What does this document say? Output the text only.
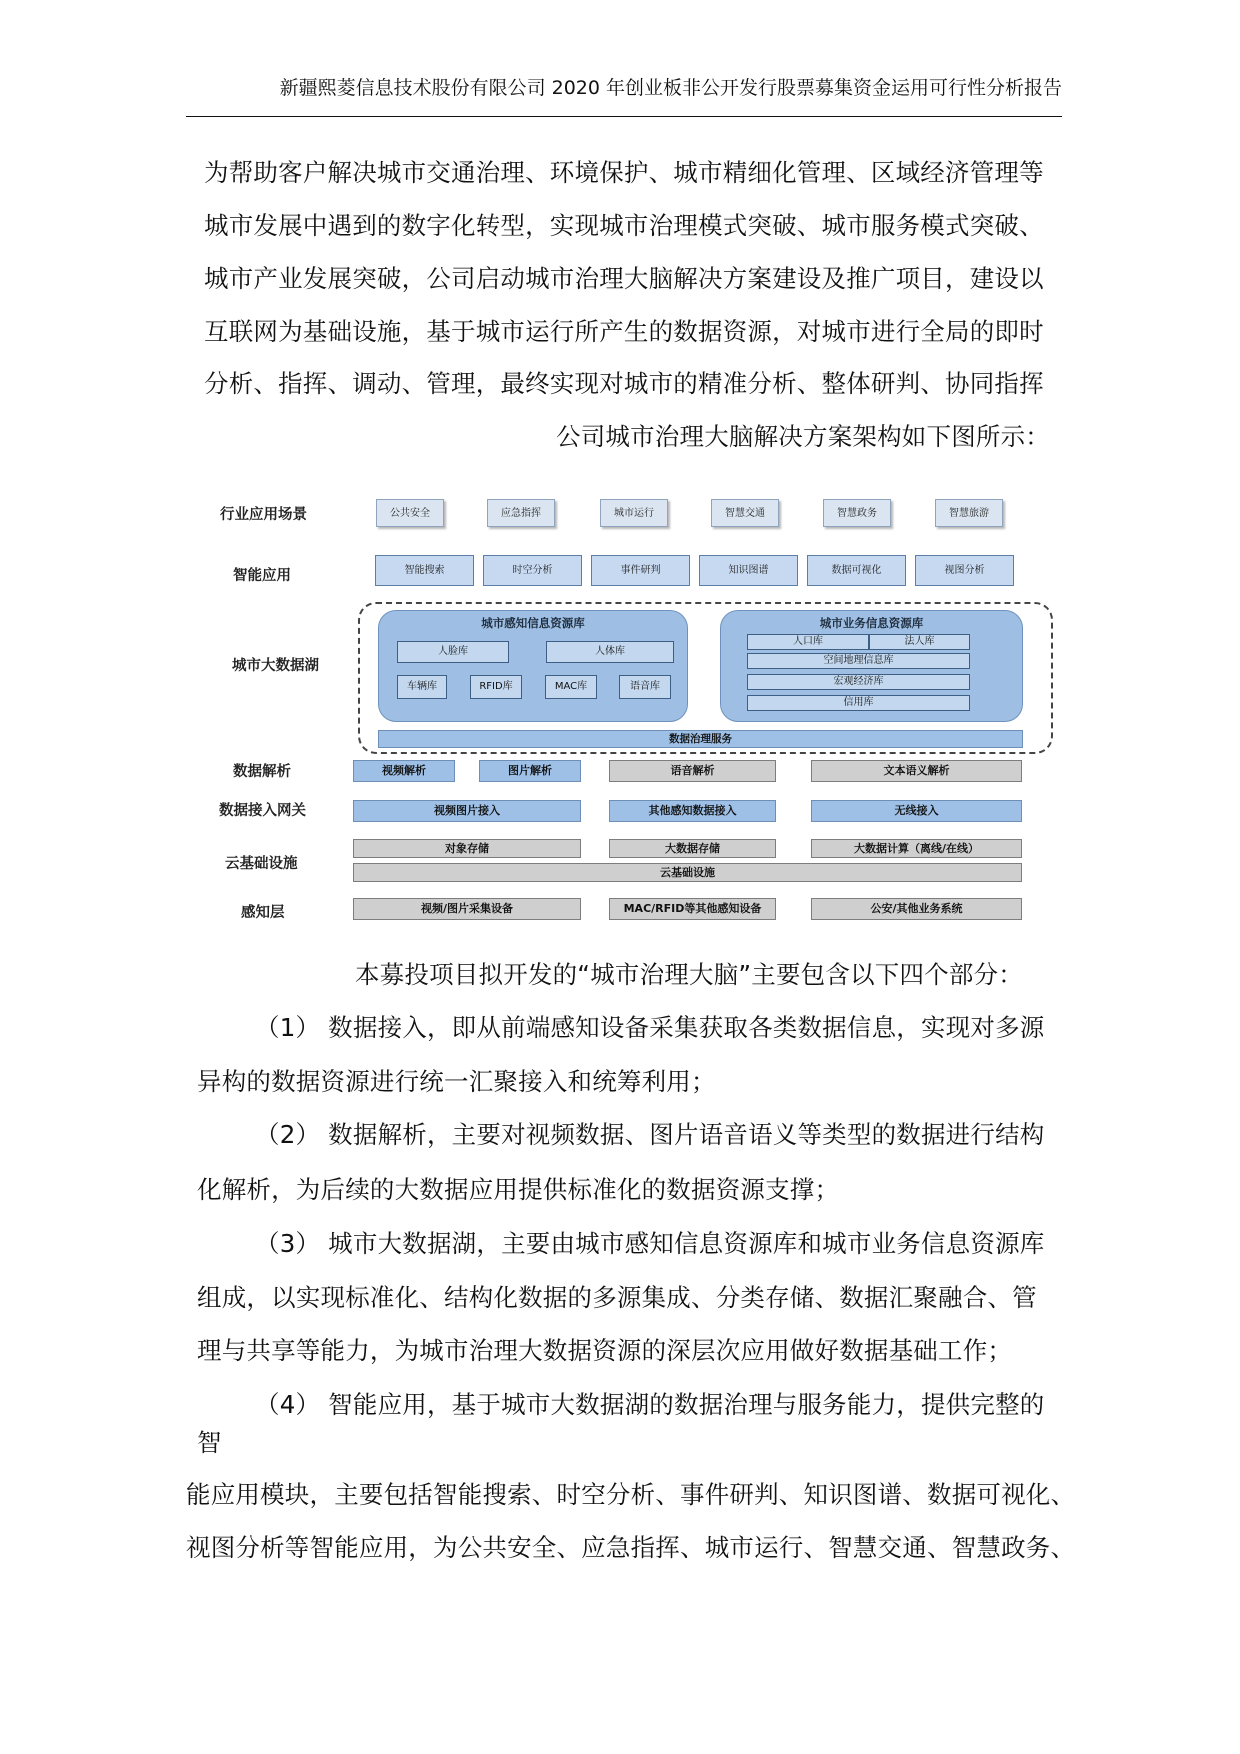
新疆熙菱信息技术股份有限公司 2020 年创业板非公开发行股票募集资金运用可行性分析报告
为帮助客户解决城市交通治理、环境保护、城市精细化管理、区域经济管理等
城市发展中遇到的数字化转型，实现城市治理模式突破、城市服务模式突破、
城市产业发展突破，公司启动城市治理大脑解决方案建设及推广项目，建设以
互联网为基础设施，基于城市运行所产生的数据资源，对城市进行全局的即时
分析、指挥、调动、管理，最终实现对城市的精准分析、整体研判、协同指挥
公司城市治理大脑解决方案架构如下图所示：
行业应用场景
智能应用
城市大数据湖
数据解析
数据接入网关
云基础设施
感知层
公共安全	应急指挥	城市运行	智慧交通	智慧政务	智慧旅游
智能搜索	时空分析	事件研判	知识图谱	数据可视化	视图分析
城市感知信息资源库
人脸库	人体库
车辆库	RFID库	MAC库	语音库
城市业务信息资源库
人口库	法人库
空间地理信息库
宏观经济库
信用库
数据治理服务
视频解析	图片解析	语音解析	文本语义解析
视频图片接入	其他感知数据接入	无线接入
对象存储	大数据存储	大数据计算（离线/在线）
云基础设施
视频/图片采集设备	MAC/RFID等其他感知设备	公安/其他业务系统
本募投项目拟开发的“城市治理大脑”主要包含以下四个部分：
（1） 数据接入，即从前端感知设备采集获取各类数据信息，实现对多源
异构的数据资源进行统一汇聚接入和统筹利用；
（2） 数据解析，主要对视频数据、图片语音语义等类型的数据进行结构
化解析，为后续的大数据应用提供标准化的数据资源支撑；
（3） 城市大数据湖，主要由城市感知信息资源库和城市业务信息资源库
组成，以实现标准化、结构化数据的多源集成、分类存储、数据汇聚融合、管
理与共享等能力，为城市治理大数据资源的深层次应用做好数据基础工作；
（4） 智能应用，基于城市大数据湖的数据治理与服务能力，提供完整的
智
能应用模块，主要包括智能搜索、时空分析、事件研判、知识图谱、数据可视化、
视图分析等智能应用，为公共安全、应急指挥、城市运行、智慧交通、智慧政务、
